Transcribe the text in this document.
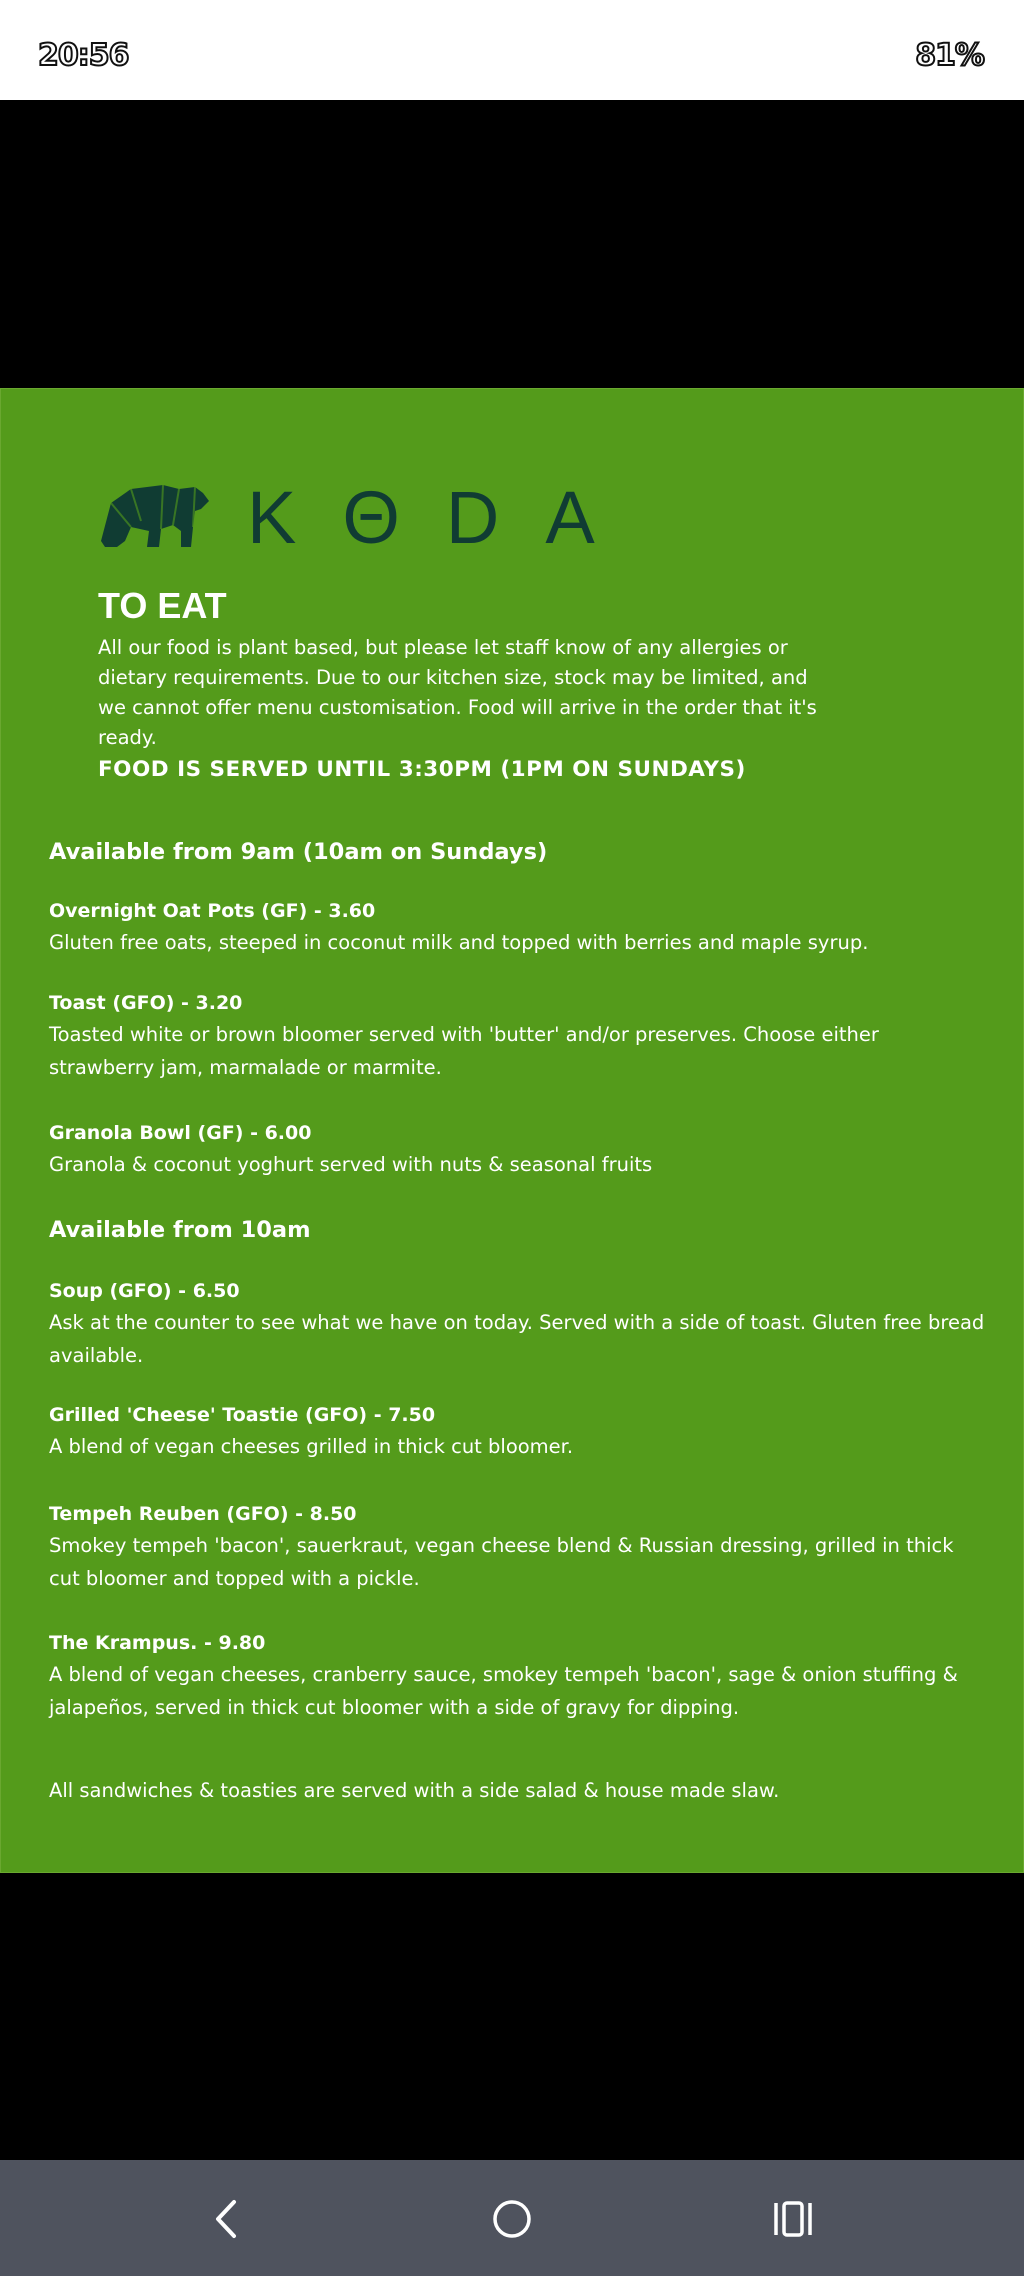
20:56	81%
KΘDA
TO EAT

All our food is plant based, but please let staff know of any allergies or dietary requirements. Due to our kitchen size, stock may be limited, and we cannot offer menu customisation. Food will arrive in the order that it's ready.

FOOD IS SERVED UNTIL 3:30PM (1PM ON SUNDAYS)
Available from 9am (10am on Sundays)
Overnight Oat Pots (GF) - 3.60

Gluten free oats, steeped in coconut milk and topped with berries and maple syrup.

Toast (GFO) - 3.20

Toasted white or brown bloomer served with 'butter' and/or preserves. Choose either strawberry jam, marmalade or marmite.

Granola Bowl (GF) - 6.00

Granola & coconut yoghurt served with nuts & seasonal fruits

Available from 10am
Soup (GFO) - 6.50

Ask at the counter to see what we have on today. Served with a side of toast. Gluten free bread available.

Grilled 'Cheese' Toastie (GFO) - 7.50

A blend of vegan cheeses grilled in thick cut bloomer.

Tempeh Reuben (GFO) - 8.50

Smokey tempeh 'bacon', sauerkraut, vegan cheese blend & Russian dressing, grilled in thick cut bloomer and topped with a pickle.

The Krampus. - 9.80

A blend of vegan cheeses, cranberry sauce, smokey tempeh 'bacon', sage & onion stuffing & jalapeños, served in thick cut bloomer with a side of gravy for dipping.

All sandwiches & toasties are served with a side salad & house made slaw.
